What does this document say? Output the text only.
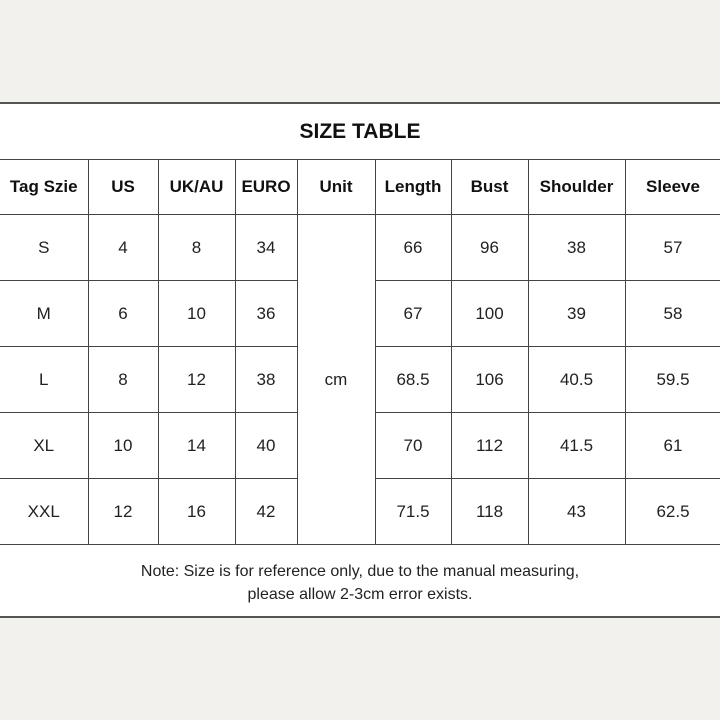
SIZE TABLE
Tag Szie	US	UK/AU	EURO	Unit	Length	Bust	Shoulder	Sleeve
S	4	8	34	cm	66	96	38	57
M	6	10	36		67	100	39	58
L	8	12	38		68.5	106	40.5	59.5
XL	10	14	40		70	112	41.5	61
XXL	12	16	42		71.5	118	43	62.5
Note: Size is for reference only, due to the manual measuring,
please allow 2-3cm error exists.
